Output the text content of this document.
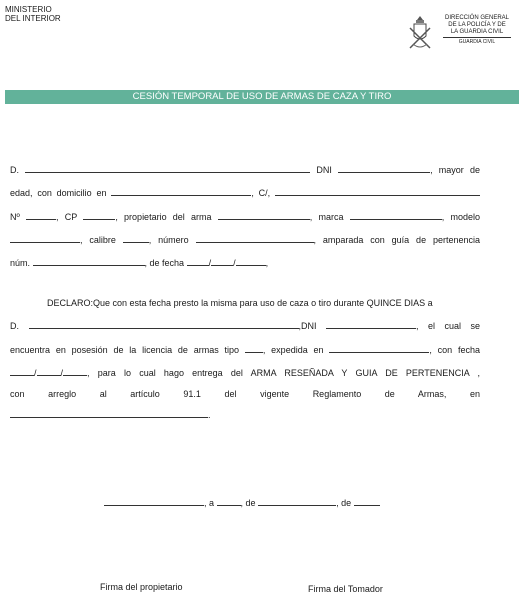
MINISTERIO
DEL INTERIOR	DIRECCIÓN GENERAL
DE LA POLICÍA Y DE
LA GUARDIA CIVIL
GUARDIA CIVIL
CESIÓN TEMPORAL DE USO DE ARMAS DE CAZA Y TIRO
D.	DNI	, mayor de
edad, con domicilio en	, C/,
Nº	, CP	, propietario del arma	, marca	, modelo
, calibre	, número	, amparada con guía de pertenencia
núm.	, de fecha	/ /	,
DECLARO:Que con esta fecha presto la misma para uso de caza o tiro durante QUINCE DIAS a
D.	,DNI	, el cual se
encuentra en posesión de la licencia de armas tipo	, expedida en	, con fecha
/	/	, para lo cual hago entrega del ARMA RESEÑADA Y GUIA DE PERTENENCIA ,
con	arreglo	al	artículo	91.1	del	vigente	Reglamento	de	Armas,	en
.
, a	, de	, de
Firma del propietario	Firma del Tomador
